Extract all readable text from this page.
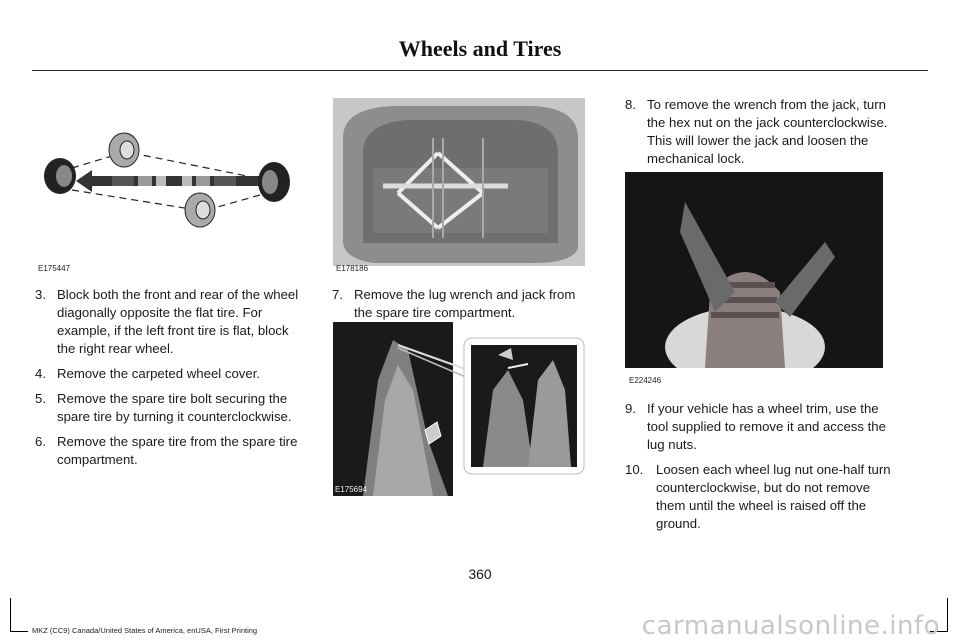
Wheels and Tires
E175447	E178186
E175694
E224246
3. Block both the front and rear of the wheel diagonally opposite the flat tire. For example, if the left front tire is flat, block the right rear wheel.
4. Remove the carpeted wheel cover.
5. Remove the spare tire bolt securing the spare tire by turning it counterclockwise.
6. Remove the spare tire from the spare tire compartment.
7. Remove the lug wrench and jack from the spare tire compartment.
8. To remove the wrench from the jack, turn the hex nut on the jack counterclockwise. This will lower the jack and loosen the mechanical lock.
9. If your vehicle has a wheel trim, use the tool supplied to remove it and access the lug nuts.
10. Loosen each wheel lug nut one-half turn counterclockwise, but do not remove them until the wheel is raised off the ground.
360
MKZ (CC9) Canada/United States of America, enUSA, First Printing	carmanualsonline.info
